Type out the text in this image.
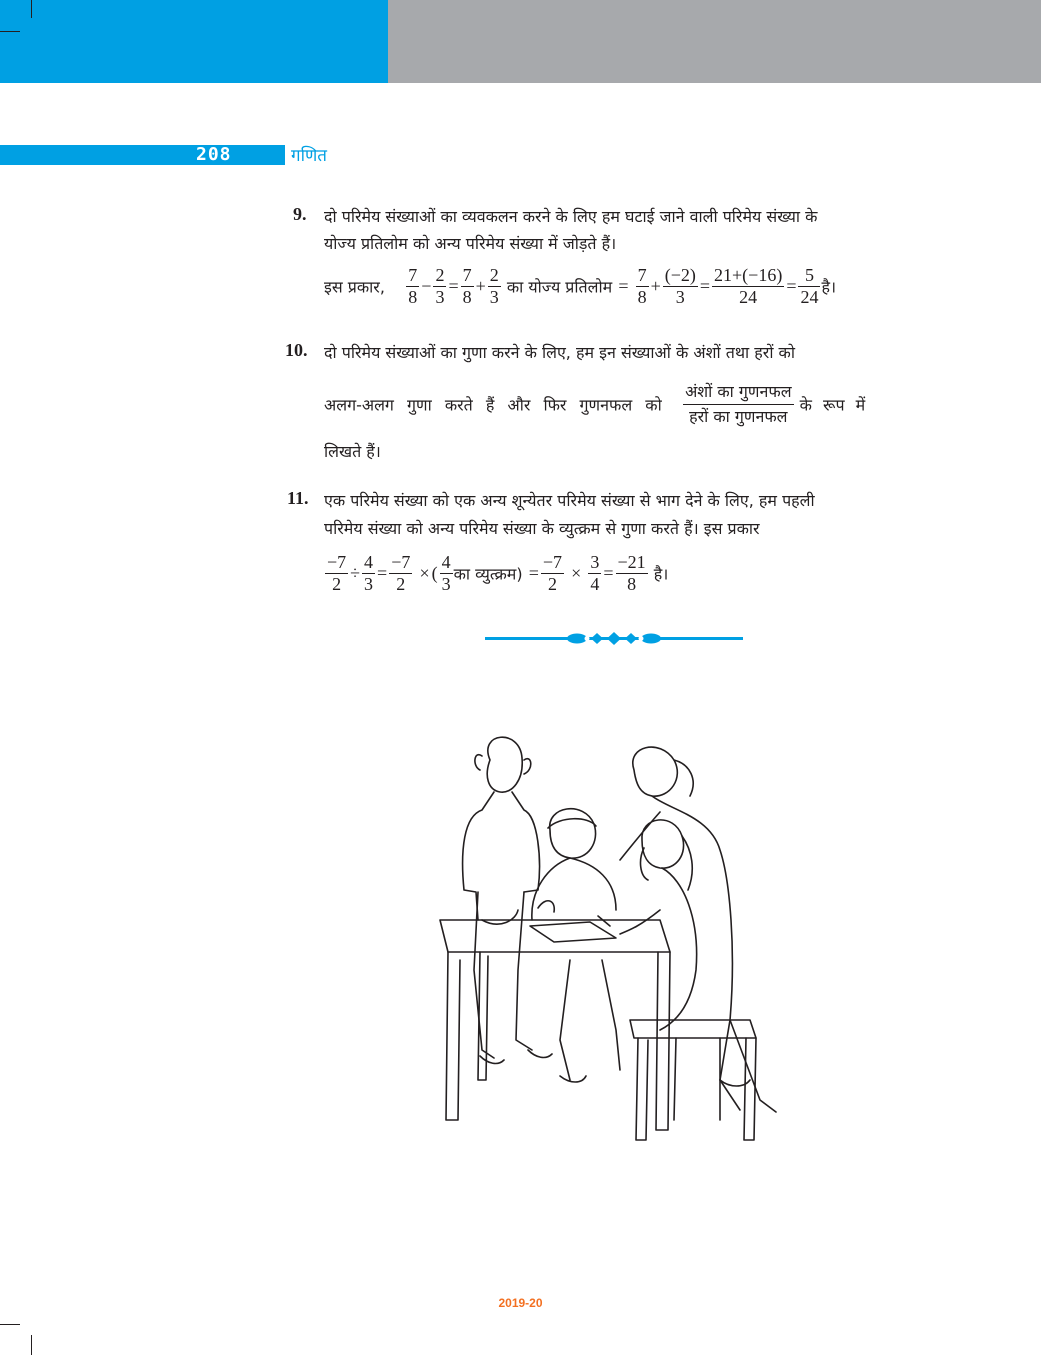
208	गणित
9. दो परिमेय संख्याओं का व्यवकलन करने के लिए हम घटाई जाने वाली परिमेय संख्या के
योज्य प्रतिलोम को अन्य परिमेय संख्या में जोड़ते हैं।
इस प्रकार, $\frac{7}{8} - \frac{2}{3} = \frac{7}{8} + \frac{2}{3}$ का योज्य प्रतिलोम = $\frac{7}{8} + \frac{(-2)}{3} = \frac{21+(-16)}{24} = \frac{5}{24}$ है।
10. दो परिमेय संख्याओं का गुणा करने के लिए, हम इन संख्याओं के अंशों तथा हरों को
अलग-अलग गुणा करते हैं और फिर गुणनफल को $\frac{\text{अंशों का गुणनफल}}{\text{हरों का गुणनफल}}$ के रूप में
लिखते हैं।
11. एक परिमेय संख्या को एक अन्य शून्येतर परिमेय संख्या से भाग देने के लिए, हम पहली
परिमेय संख्या को अन्य परिमेय संख्या के व्युत्क्रम से गुणा करते हैं। इस प्रकार
$\frac{-7}{2} \div \frac{4}{3} = \frac{-7}{2}$ × ( $\frac{4}{3}$ का व्युत्क्रम) = $\frac{-7}{2} \times \frac{3}{4} = \frac{-21}{8}$ है।
2019-20
